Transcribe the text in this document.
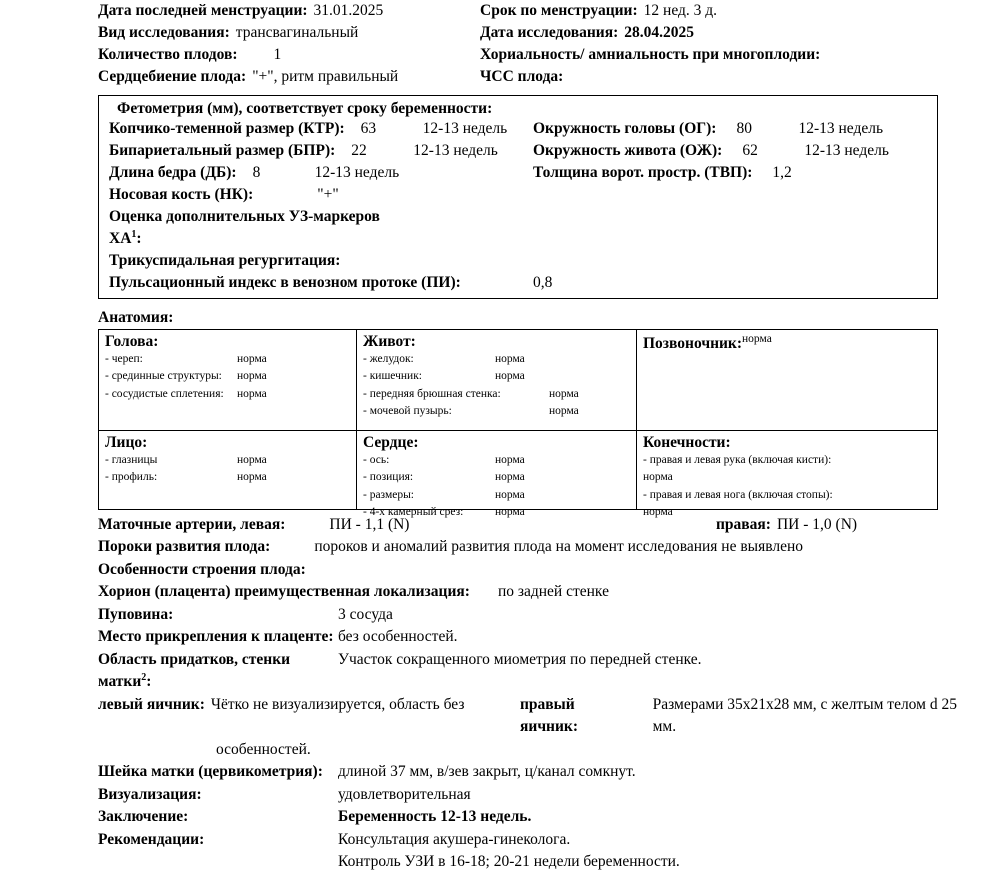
Дата последней менструации: 31.01.2025	Срок по менструации: 12 нед. 3 д.
Вид исследования: трансвагинальный	Дата исследования: 28.04.2025
Количество плодов: 1	Хориальность/ амниальность при многоплодии:
Сердцебиение плода: "+", ритм правильный	ЧСС плода:
Фетометрия (мм), соответствует сроку беременности:
Копчико-теменной размер (КТР):	63	12-13 недель Окружность головы (ОГ):	80	12-13 недель
Бипариетальный размер (БПР):	22	12-13 недель Окружность живота (ОЖ):	62	12-13 недель
Длина бедра (ДБ):	8	12-13 недель	Толщина ворот. простр. (ТВП):	1,2
Носовая кость (НК):	"+"
Оценка дополнительных УЗ-маркеров
ХА 1 :
Трикуспидальная регургитация:
Пульсационный индекс в венозном протоке (ПИ):	0,8
Анатомия:
Голова:
- череп:	норма
- срединные структуры:	норма
- сосудистые сплетения:	норма
Живот:
- желудок:	норма
- кишечник:	норма
- передняя брюшная стенка:	норма
- мочевой пузырь:	норма
Позвоночник:$^{норма}$
Лицо:
- глазницы	норма
- профиль:	норма
Сердце:
- ось:	норма
- позиция:	норма
- размеры:	норма
- 4-х камерный срез:	норма
Конечности:
- правая и левая рука (включая кисти):
норма
- правая и левая нога (включая стопы):
норма
Маточные артерии, левая:	ПИ - 1,1 (N)	правая: ПИ - 1,0 (N)
Пороки развития плода:	пороков и аномалий развития плода на момент исследования не выявлено
Особенности строения плода:
Хорион (плацента) преимущественная локализация: по задней стенке
Пуповина:	3 сосуда
Место прикрепления к плаценте: без особенностей.
Область придатков, стенки	Участок сокращенного миометрия по передней стенке.
матки 2 :
левый яичник: Чётко не визуализируется, область без	правый яичник:
Размерами 35х21х28 мм, с желтым телом d 25 мм.
особенностей.
Шейка матки (цервикометрия): длиной 37 мм, в/зев закрыт, ц/канал сомкнут.
Визуализация:	удовлетворительная
Заключение:	Беременность 12-13 недель.
Рекомендации:	Консультация акушера-гинеколога.
Контроль УЗИ в 16-18; 20-21 недели беременности.
